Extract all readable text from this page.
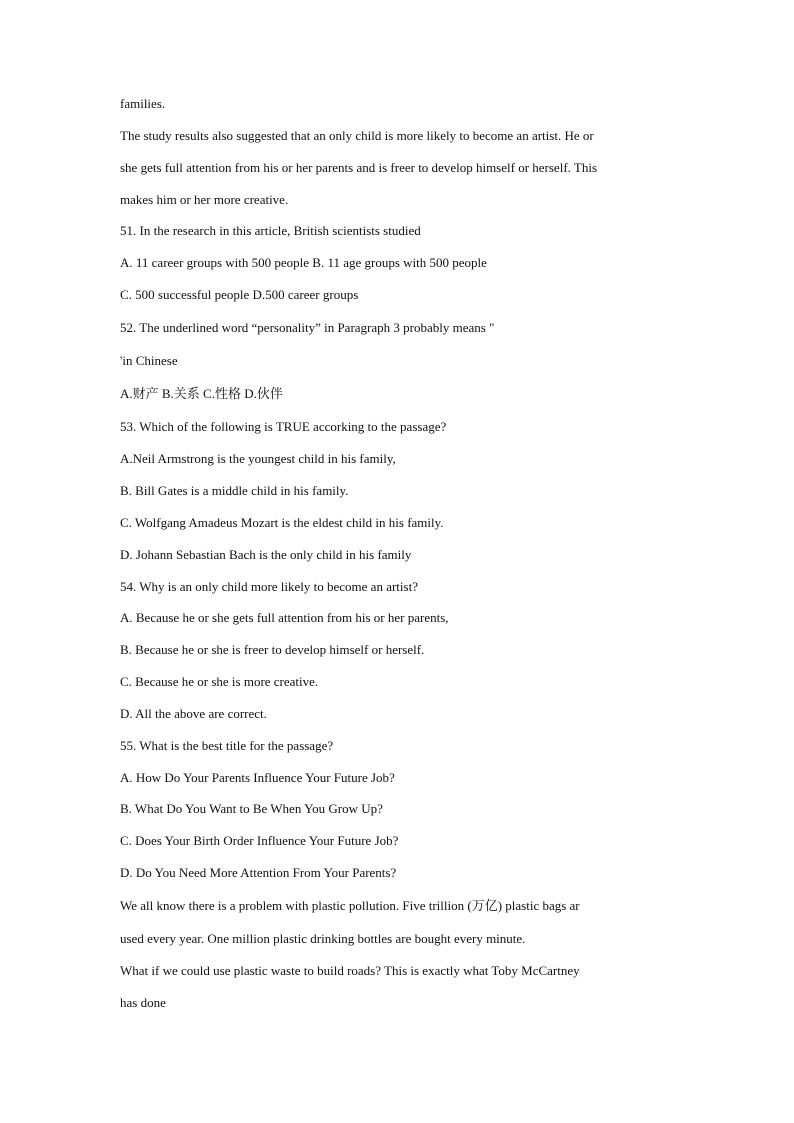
families.
The study results also suggested that an only child is more likely to become an artist. He or
she gets full attention from his or her parents and is freer to develop himself or herself. This
makes him or her more creative.
51. In the research in this article, British scientists studied
A. 11 career groups with 500 people B. 11 age groups with 500 people
C. 500 successful people D.500 career groups
52. The underlined word “personality” in Paragraph 3 probably means "
'in Chinese
A.财产 B.关系 C.性格 D.伙伴
53. Which of the following is TRUE accorking to the passage?
A.Neil Armstrong is the youngest child in his family,
B. Bill Gates is a middle child in his family.
C. Wolfgang Amadeus Mozart is the eldest child in his family.
D. Johann Sebastian Bach is the only child in his family
54. Why is an only child more likely to become an artist?
A. Because he or she gets full attention from his or her parents,
B. Because he or she is freer to develop himself or herself.
C. Because he or she is more creative.
D. All the above are correct.
55. What is the best title for the passage?
A. How Do Your Parents Influence Your Future Job?
B. What Do You Want to Be When You Grow Up?
C. Does Your Birth Order Influence Your Future Job?
D. Do You Need More Attention From Your Parents?
We all know there is a problem with plastic pollution. Five trillion (万亿) plastic bags ar
used every year. One million plastic drinking bottles are bought every minute.
What if we could use plastic waste to build roads? This is exactly what Toby McCartney
has done
